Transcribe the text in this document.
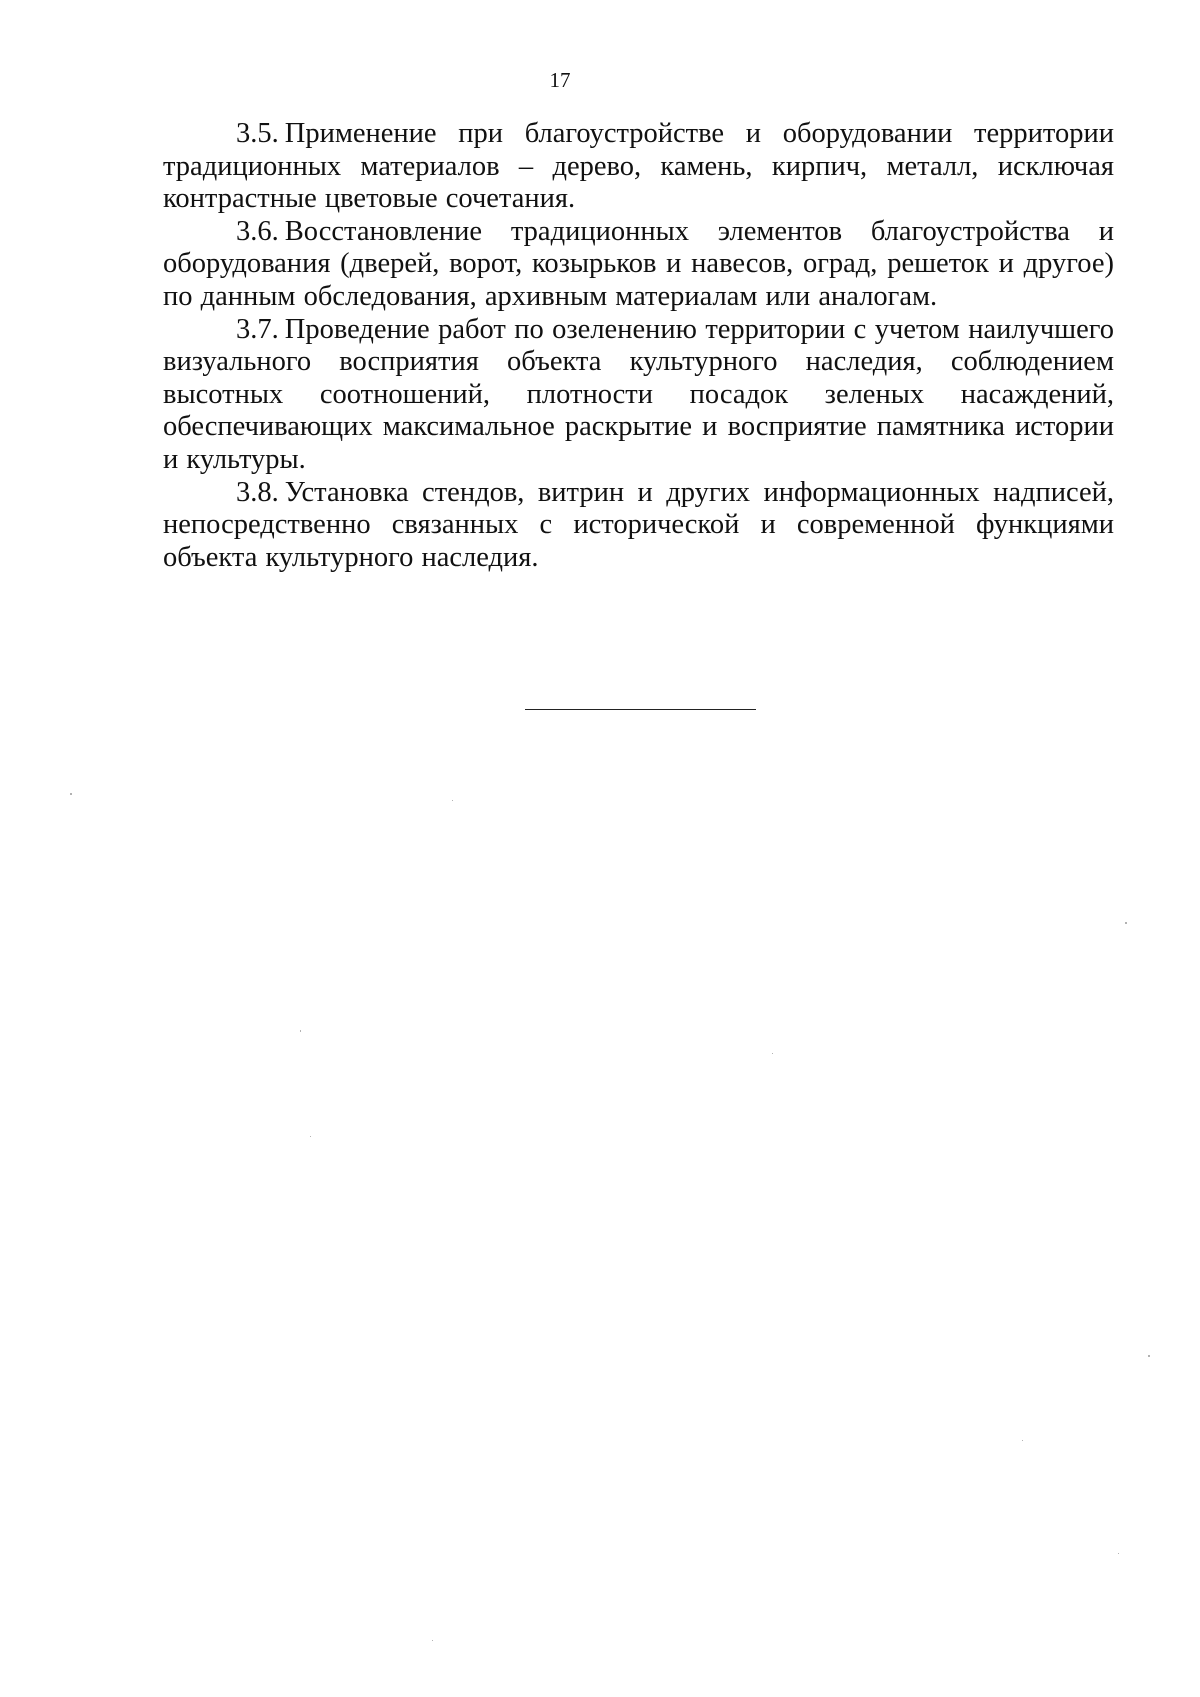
17

3.5. Применение при благоустройстве и оборудовании территории традиционных материалов – дерево, камень, кирпич, металл, исключая контрастные цветовые сочетания.

3.6. Восстановление традиционных элементов благоустройства и оборудования (дверей, ворот, козырьков и навесов, оград, решеток и другое) по данным обследования, архивным материалам или аналогам.

3.7. Проведение работ по озеленению территории с учетом наилучшего визуального восприятия объекта культурного наследия, соблюдением высотных соотношений, плотности посадок зеленых насаждений, обеспечивающих максимальное раскрытие и восприятие памятника истории и культуры.

3.8. Установка стендов, витрин и других информационных надписей, непосредственно связанных с исторической и современной функциями объекта культурного наследия.
